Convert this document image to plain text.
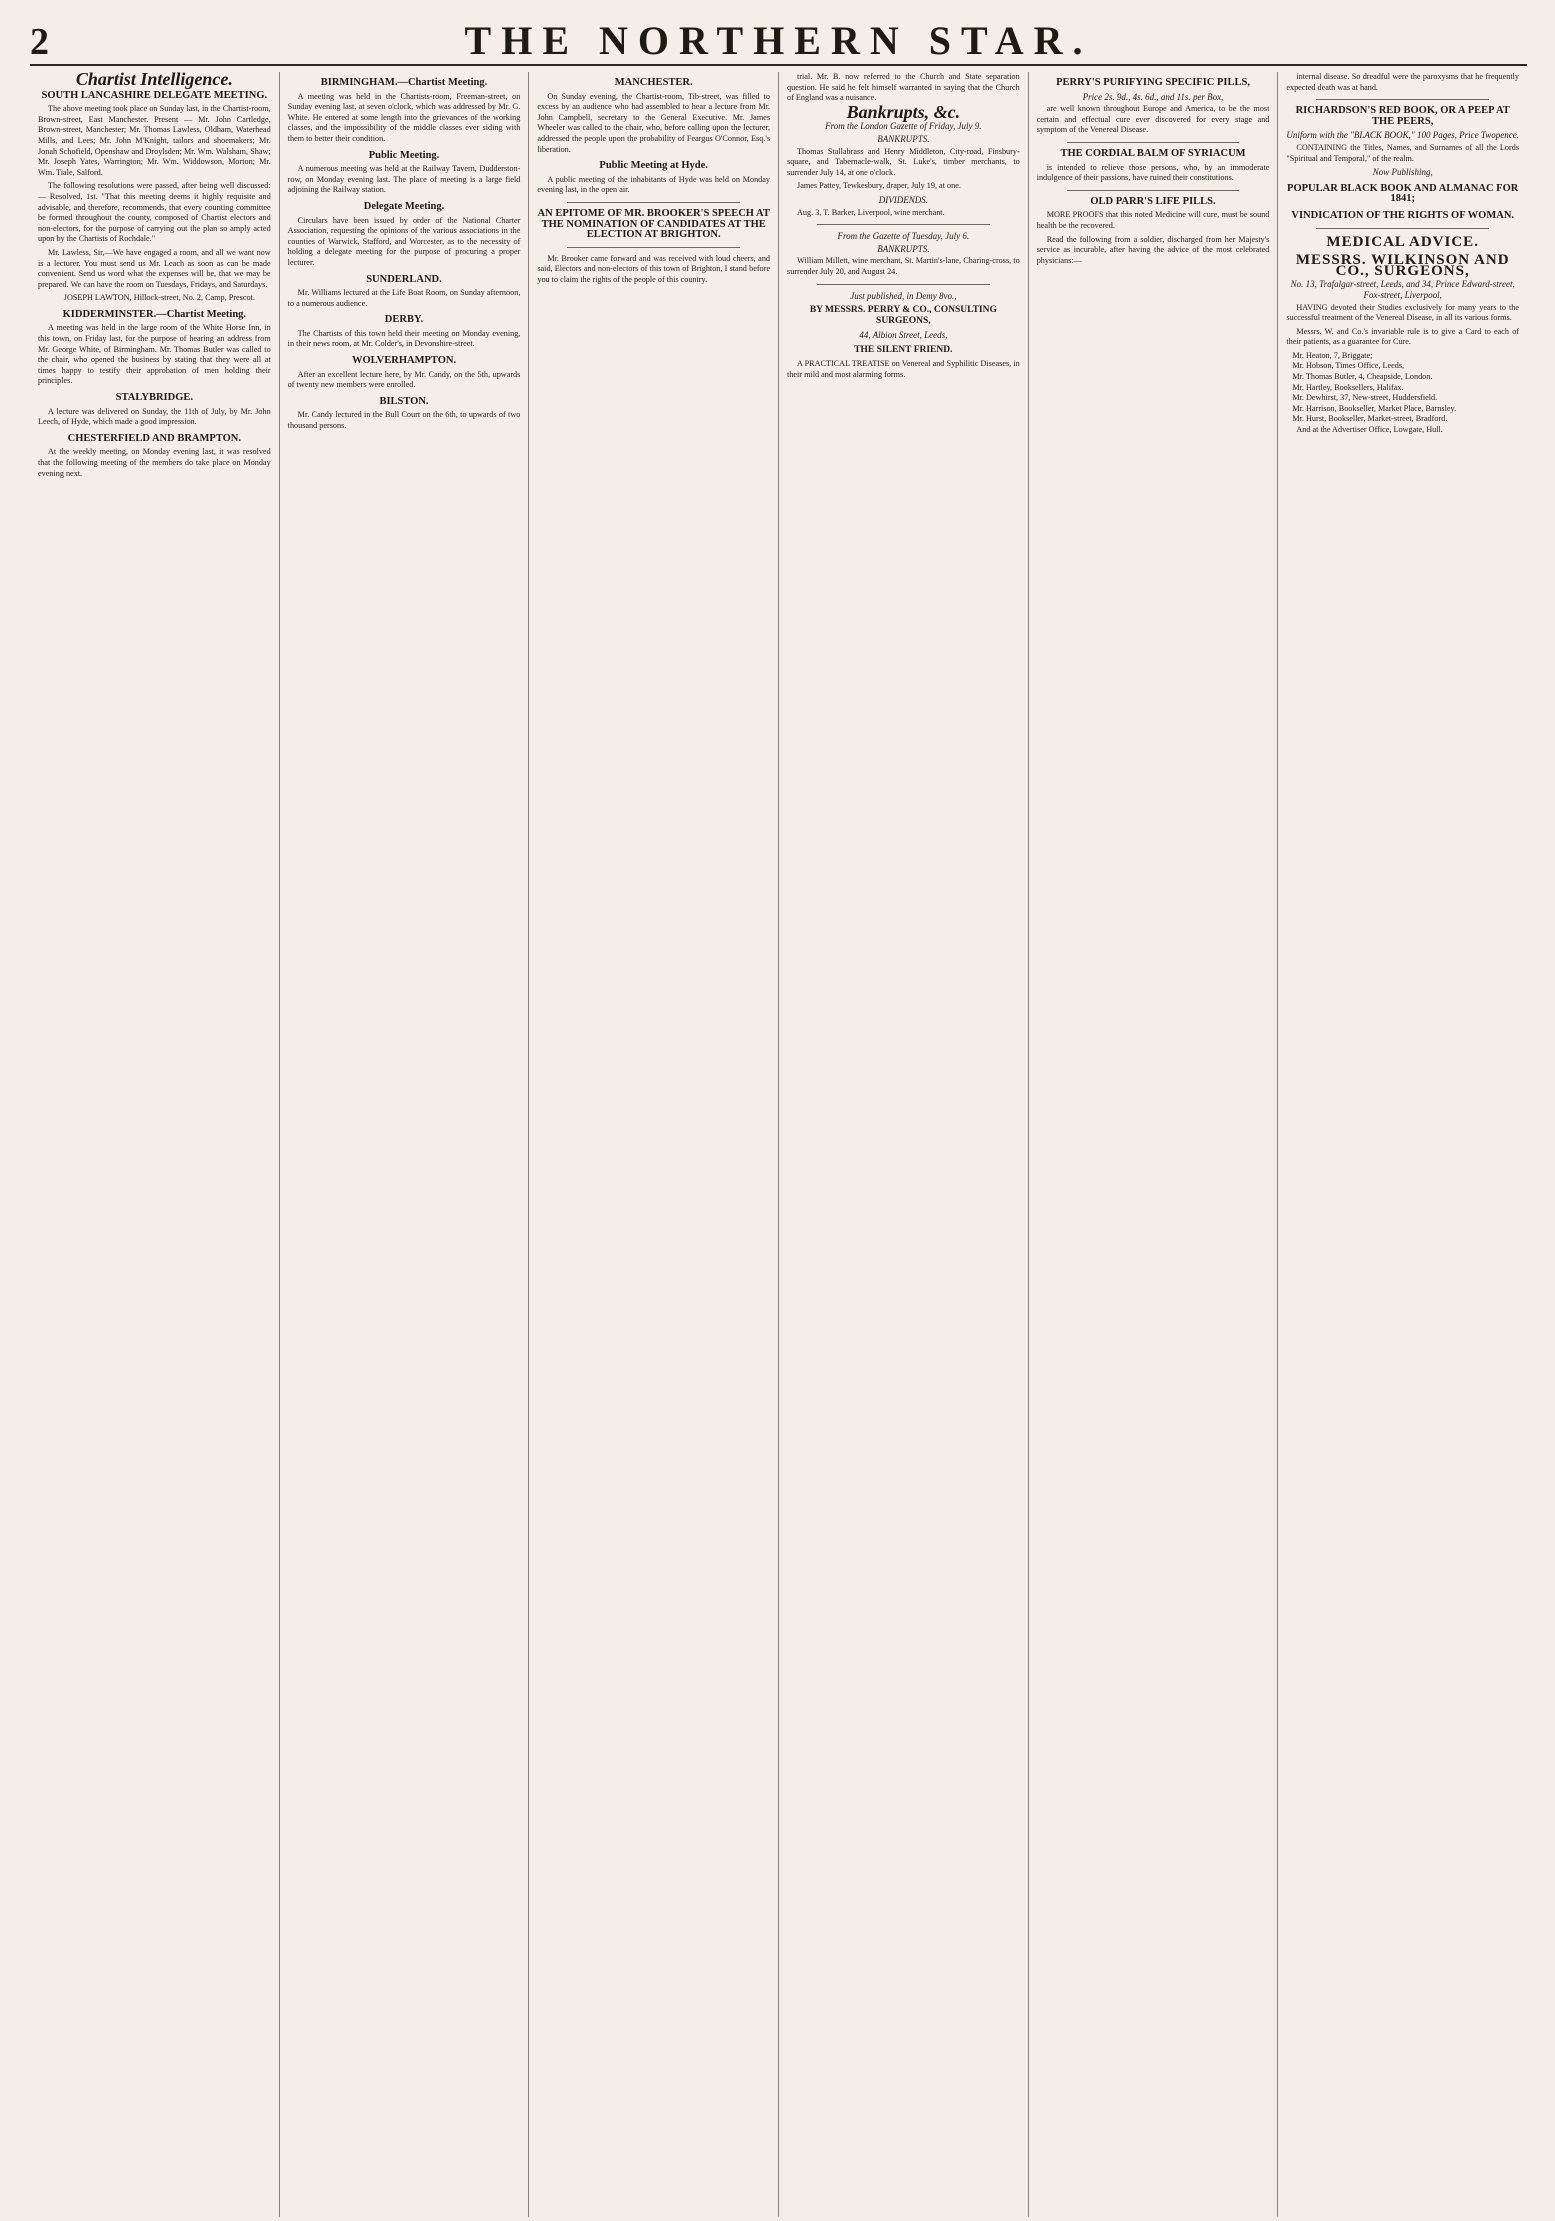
2	THE NORTHERN STAR.
Chartist Intelligence.
SOUTH LANCASHIRE DELEGATE MEETING.

The above meeting took place on Sunday last, in the Chartist-room, Brown-street, East Manchester. Present — Mr. John Cartledge, Brown-street, Manchester; Mr. Thomas Lawless, Oldham, Waterhead Mills, and Lees; Mr. John M'Knight, tailors and shoemakers; Mr. Jonah Schofield, Openshaw and Droylsden; Mr. Wm. Walsham, Shaw; Mr. Joseph Yates, Warrington; Mr. Wm. Widdowson, Morton; Mr. Wm. Tiale, Salford.

The following resolutions were passed, after being well discussed:— Resolved, 1st. "That this meeting deems it highly requisite and advisable, and therefore, recommends, that every counting committee be formed throughout the county, composed of Chartist electors and non-electors, for the purpose of carrying out the plan so amply acted upon by the Chartists of Rochdale."

Mr. Lawless, Sir,—We have engaged a room, and all we want now is a lecturer. You must send us Mr. Leach as soon as can be made convenient. Send us word what the expenses will be, that we may be prepared. We can have the room on Tuesdays, Fridays, and Saturdays.

JOSEPH LAWTON, Hillock-street, No. 2, Camp, Prescot.

KIDDERMINSTER.—Chartist Meeting.

A meeting was held in the large room of the White Horse Inn, in this town, on Friday last, for the purpose of hearing an address from Mr. George White, of Birmingham. Mr. Thomas Butler was called to the chair, who opened the business by stating that they were all at times happy to testify their approbation of men holding their principles.

STALYBRIDGE.

A lecture was delivered on Sunday, the 11th of July, by Mr. John Leech, of Hyde, which made a good impression.

CHESTERFIELD AND BRAMPTON.

At the weekly meeting, on Monday evening last, it was resolved that the following meeting of the members do take place on Monday evening next.

BIRMINGHAM.—Chartist Meeting.

A meeting was held in the Chartists-room, Freeman-street, on Sunday evening last, at seven o'clock, which was addressed by Mr. G. White. He entered at some length into the grievances of the working classes, and the impossibility of the middle classes ever siding with them to better their condition.

Public Meeting.

A numerous meeting was held at the Railway Tavern, Dudderston-row, on Monday evening last. The place of meeting is a large field adjoining the Railway station.

Delegate Meeting.

Circulars have been issued by order of the National Charter Association, requesting the opinions of the various associations in the counties of Warwick, Stafford, and Worcester, as to the necessity of holding a delegate meeting for the purpose of procuring a proper lecturer.

SUNDERLAND.

Mr. Williams lectured at the Life Boat Room, on Sunday afternoon, to a numerous audience.

DERBY.

The Chartists of this town held their meeting on Monday evening, in their news room, at Mr. Colder's, in Devonshire-street.

WOLVERHAMPTON.

After an excellent lecture here, by Mr. Candy, on the 5th, upwards of twenty new members were enrolled.

BILSTON.

Mr. Candy lectured in the Bull Court on the 6th, to upwards of two thousand persons.

MANCHESTER.

On Sunday evening, the Chartist-room, Tib-street, was filled to excess by an audience who had assembled to hear a lecture from Mr. John Campbell, secretary to the General Executive. Mr. James Wheeler was called to the chair, who, before calling upon the lecturer, addressed the people upon the probability of Feargus O'Connor, Esq.'s liberation.

Public Meeting at Hyde.

A public meeting of the inhabitants of Hyde was held on Monday evening last, in the open air.

AN EPITOME OF MR. BROOKER'S SPEECH AT THE NOMINATION OF CANDIDATES AT THE ELECTION AT BRIGHTON.

Mr. Brooker came forward and was received with loud cheers, and said, Electors and non-electors of this town of Brighton, I stand before you to claim the rights of the people of this country.

trial. Mr. B. now referred to the Church and State separation question. He said he felt himself warranted in saying that the Church of England was a nuisance.

Bankrupts, &c.
From the London Gazette of Friday, July 9.
BANKRUPTS.

Thomas Stallabrass and Henry Middleton, City-road, Finsbury-square, and Tabernacle-walk, St. Luke's, timber merchants, to surrender July 14, at one o'clock.

James Pattey, Tewkesbury, draper, July 19, at one.

DIVIDENDS.

Aug. 3, T. Barker, Liverpool, wine merchant.

From the Gazette of Tuesday, July 6.
BANKRUPTS.

William Millett, wine merchant, St. Martin's-lane, Charing-cross, to surrender July 20, and August 24.

Just published, in Demy 8vo.,
BY MESSRS. PERRY & CO., CONSULTING SURGEONS,
44, Albion Street, Leeds,
THE SILENT FRIEND.

A PRACTICAL TREATISE on Venereal and Syphilitic Diseases, in their mild and most alarming forms.

PERRY'S PURIFYING SPECIFIC PILLS,
Price 2s. 9d., 4s. 6d., and 11s. per Box,

are well known throughout Europe and America, to be the most certain and effectual cure ever discovered for every stage and symptom of the Venereal Disease.

THE CORDIAL BALM OF SYRIACUM

is intended to relieve those persons, who, by an immoderate indulgence of their passions, have ruined their constitutions.

OLD PARR'S LIFE PILLS.

MORE PROOFS that this noted Medicine will cure, must be sound health be the recovered.

Read the following from a soldier, discharged from her Majesty's service as incurable, after having the advice of the most celebrated physicians:—

internal disease. So dreadful were the paroxysms that he frequently expected death was at hand.

RICHARDSON'S RED BOOK, OR A PEEP AT THE PEERS,
Uniform with the "BLACK BOOK," 100 Pages, Price Twopence.

CONTAINING the Titles, Names, and Surnames of all the Lords "Spiritual and Temporal," of the realm.

Now Publishing,
POPULAR BLACK BOOK AND ALMANAC FOR 1841;
VINDICATION OF THE RIGHTS OF WOMAN.
MEDICAL ADVICE.
MESSRS. WILKINSON AND CO., SURGEONS,
No. 13, Trafalgar-street, Leeds, and 34, Prince Edward-street, Fox-street, Liverpool,

HAVING devoted their Studies exclusively for many years to the successful treatment of the Venereal Disease, in all its various forms.

Messrs. W. and Co.'s invariable rule is to give a Card to each of their patients, as a guarantee for Cure.

Mr. Heaton, 7, Briggate;
Mr. Hobson, Times Office, Leeds,
Mr. Thomas Butler, 4, Cheapside, London.
Mr. Hartley, Booksellers, Halifax.
Mr. Dewhirst, 37, New-street, Huddersfield.
Mr. Harrison, Bookseller, Market Place, Barnsley.
Mr. Hurst, Bookseller, Market-street, Bradford.

And at the Advertiser Office, Lowgate, Hull.
